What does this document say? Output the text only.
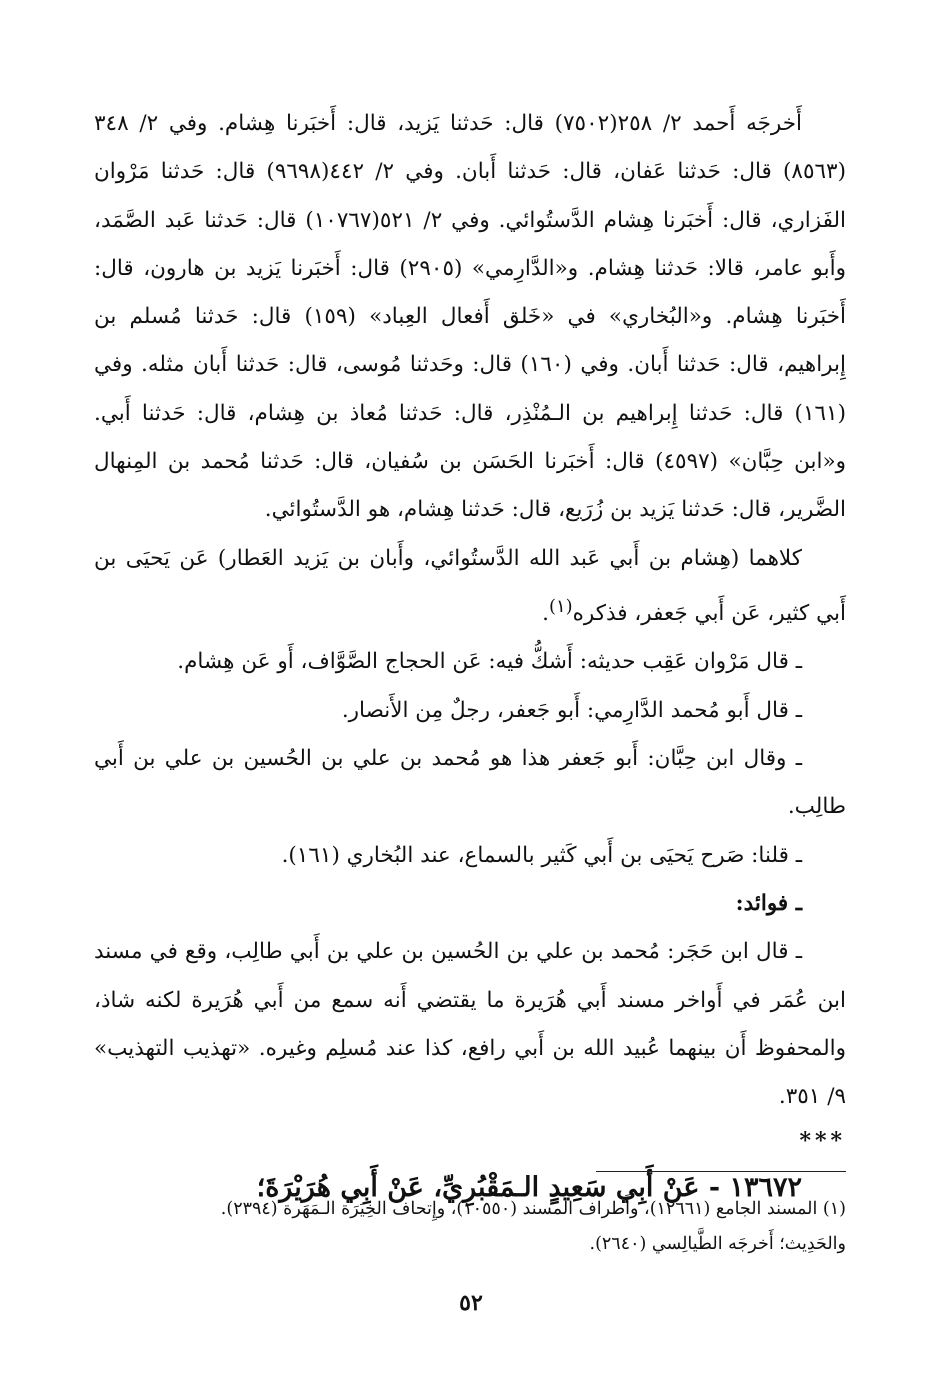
أَخرجَه أَحمد ٢/ ٢٥٨(٧٥٠٢) قال: حَدثنا يَزيد، قال: أَخبَرنا هِشام. وفي ٢/ ٣٤٨ (٨٥٦٣) قال: حَدثنا عَفان، قال: حَدثنا أَبان. وفي ٢/ ٤٤٢(٩٦٩٨) قال: حَدثنا مَرْوان الفَزاري، قال: أَخبَرنا هِشام الدَّستُوائي. وفي ٢/ ٥٢١(١٠٧٦٧) قال: حَدثنا عَبد الصَّمَد، وأَبو عامر، قالا: حَدثنا هِشام. و«الدَّارِمي» (٢٩٠٥) قال: أَخبَرنا يَزيد بن هارون، قال: أَخبَرنا هِشام. و«البُخاري» في «خَلق أَفعال العِباد» (١٥٩) قال: حَدثنا مُسلم بن إِبراهيم، قال: حَدثنا أَبان. وفي (١٦٠) قال: وحَدثنا مُوسى، قال: حَدثنا أَبان مثله. وفي (١٦١) قال: حَدثنا إِبراهيم بن الـمُنْذِر، قال: حَدثنا مُعاذ بن هِشام، قال: حَدثنا أَبي. و«ابن حِبَّان» (٤٥٩٧) قال: أَخبَرنا الحَسَن بن سُفيان، قال: حَدثنا مُحمد بن المِنهال الضَّرير، قال: حَدثنا يَزيد بن زُرَيع، قال: حَدثنا هِشام، هو الدَّستُوائي.

كلاهما (هِشام بن أَبي عَبد الله الدَّستُوائي، وأَبان بن يَزيد العَطار) عَن يَحيَى بن أَبي كثير، عَن أَبي جَعفر، فذكره$^{(١)}$.

ـ قال مَرْوان عَقِب حديثه: أَشكُّ فيه: عَن الحجاج الصَّوَّاف، أَو عَن هِشام.

ـ قال أَبو مُحمد الدَّارِمي: أَبو جَعفر، رجلٌ مِن الأَنصار.

ـ وقال ابن حِبَّان: أَبو جَعفر هذا هو مُحمد بن علي بن الحُسين بن علي بن أَبي طالِب.

ـ قلنا: صَرح يَحيَى بن أَبي كَثير بالسماع، عند البُخاري (١٦١).

ـ فوائد:

ـ قال ابن حَجَر: مُحمد بن علي بن الحُسين بن علي بن أَبي طالِب، وقع في مسند ابن عُمَر في أَواخر مسند أَبي هُرَيرة ما يقتضي أَنه سمع من أَبي هُرَيرة لكنه شاذ، والمحفوظ أَن بينهما عُبيد الله بن أَبي رافع، كذا عند مُسلِم وغيره. «تهذيب التهذيب» ٩/ ٣٥١.

***

١٣٦٧٢ - عَنْ أَبِي سَعِيدٍ الـمَقْبُرِيِّ، عَنْ أَبِي هُرَيْرَةَ؛

(١) المسند الجامع (١٢٦٦١)، وأَطراف المسند (١٠٥٥٠)، وإِتحاف الخِيَرَة الـمَهَرة (٢٣٩٤).

والحَدِيث؛ أَخرجَه الطَّيالِسي (٢٦٤٠).

٥٢
